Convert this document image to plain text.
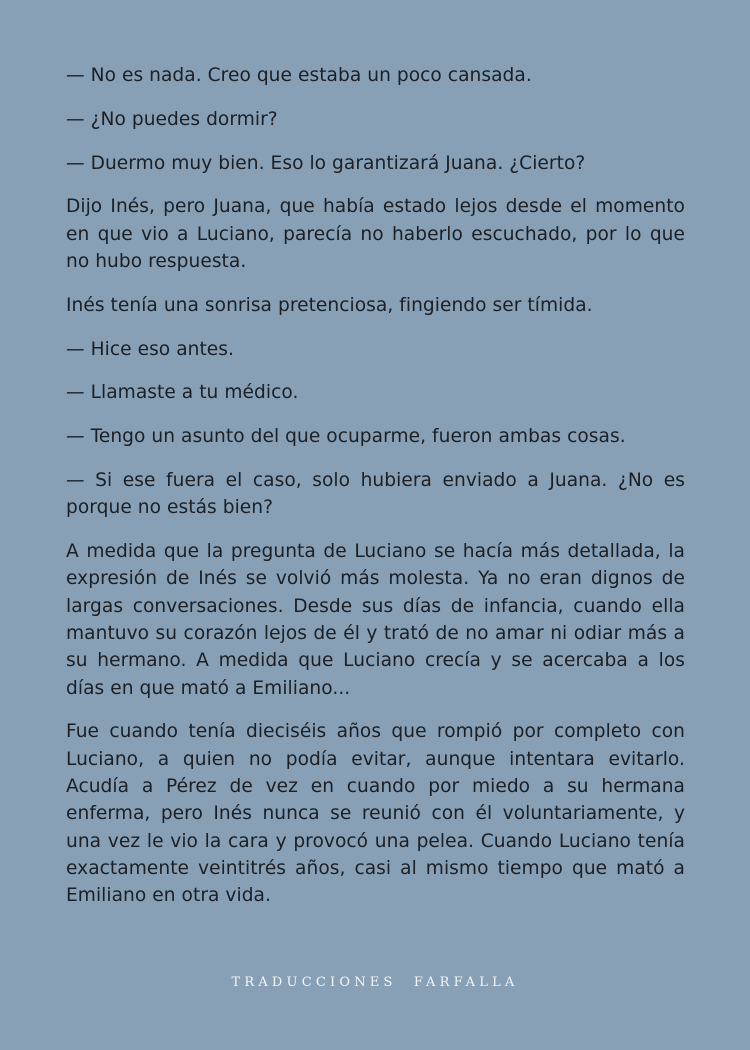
— No es nada. Creo que estaba un poco cansada.

— ¿No puedes dormir?

— Duermo muy bien. Eso lo garantizará Juana. ¿Cierto?

Dijo Inés, pero Juana, que había estado lejos desde el momento en que vio a Luciano, parecía no haberlo escuchado, por lo que no hubo respuesta.

Inés tenía una sonrisa pretenciosa, fingiendo ser tímida.

— Hice eso antes.

— Llamaste a tu médico.

— Tengo un asunto del que ocuparme, fueron ambas cosas.

— Si ese fuera el caso, solo hubiera enviado a Juana. ¿No es porque no estás bien?

A medida que la pregunta de Luciano se hacía más detallada, la expresión de Inés se volvió más molesta. Ya no eran dignos de largas conversaciones. Desde sus días de infancia, cuando ella mantuvo su corazón lejos de él y trató de no amar ni odiar más a su hermano. A medida que Luciano crecía y se acercaba a los días en que mató a Emiliano...

Fue cuando tenía dieciséis años que rompió por completo con Luciano, a quien no podía evitar, aunque intentara evitarlo. Acudía a Pérez de vez en cuando por miedo a su hermana enferma, pero Inés nunca se reunió con él voluntariamente, y una vez le vio la cara y provocó una pelea. Cuando Luciano tenía exactamente veintitrés años, casi al mismo tiempo que mató a Emiliano en otra vida.

TRADUCCIONES FARFALLA
